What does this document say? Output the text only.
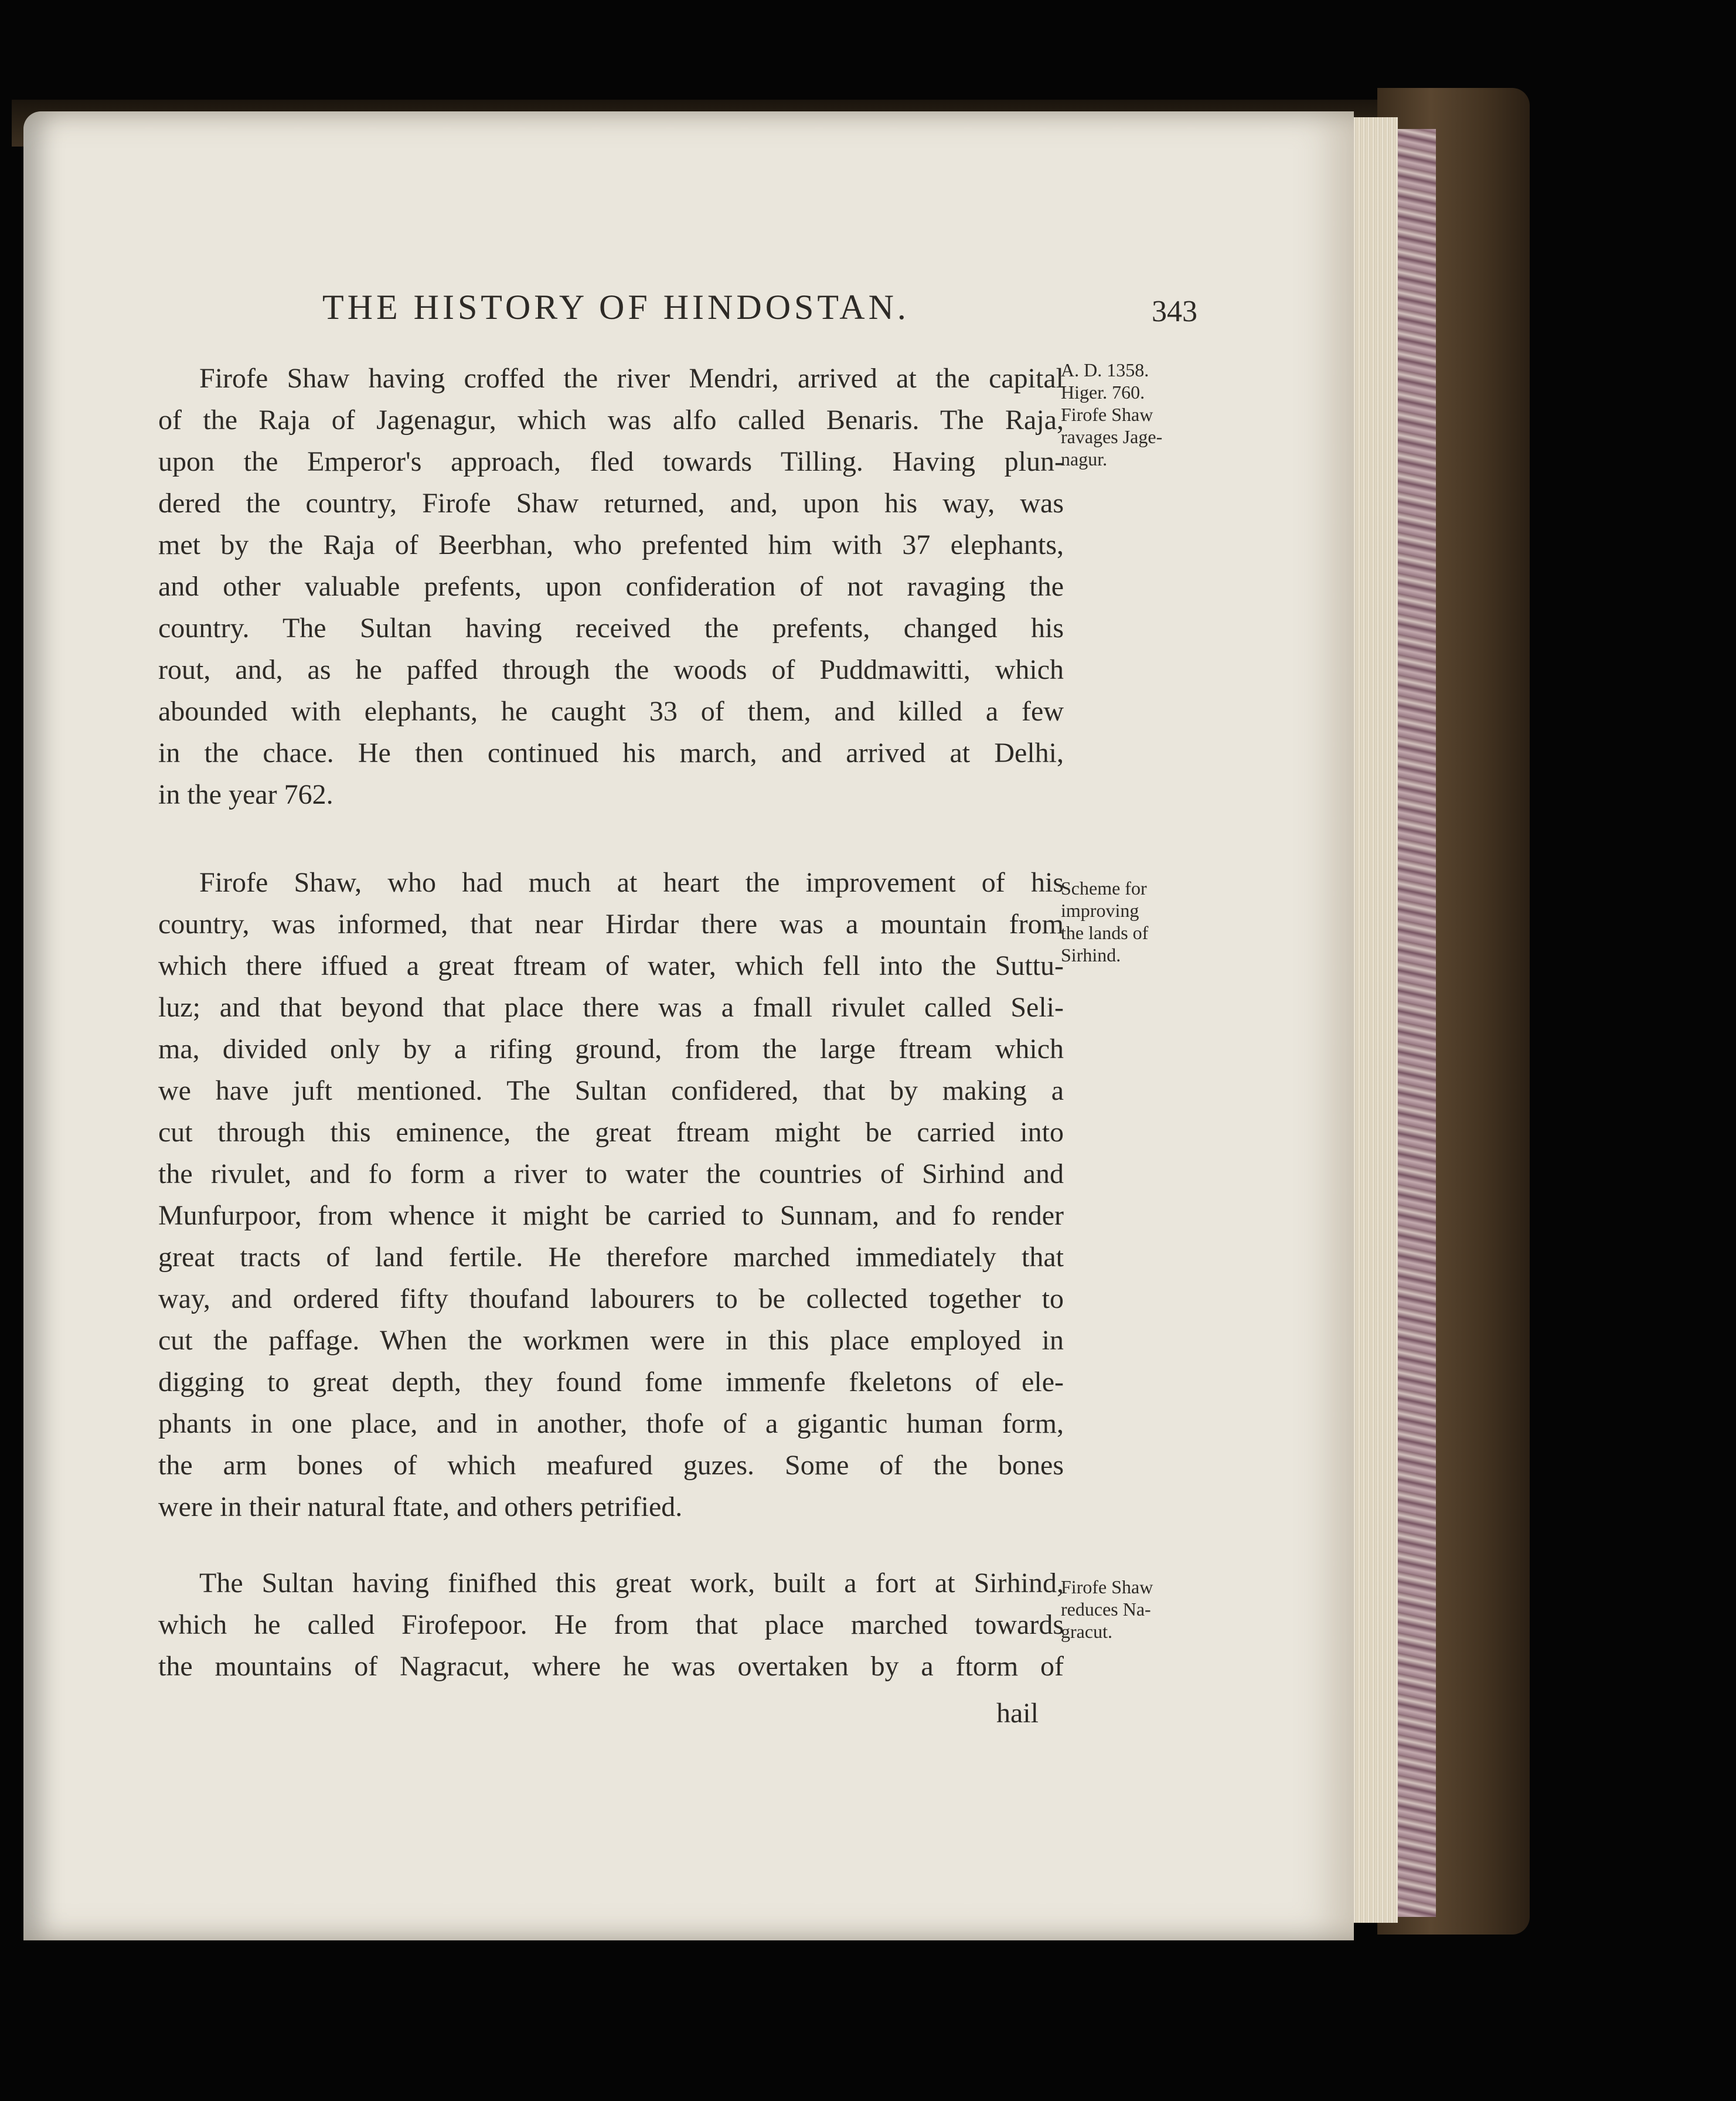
THE HISTORY OF HINDOSTAN.	343
Firofe Shaw having croffed the river Mendri, arrived at the capital
of the Raja of Jagenagur, which was alfo called Benaris. The Raja,
upon the Emperor's approach, fled towards Tilling. Having plun-
dered the country, Firofe Shaw returned, and, upon his way, was
met by the Raja of Beerbhan, who prefented him with 37 elephants,
and other valuable prefents, upon confideration of not ravaging the
country. The Sultan having received the prefents, changed his
rout, and, as he paffed through the woods of Puddmawitti, which
abounded with elephants, he caught 33 of them, and killed a few
in the chace. He then continued his march, and arrived at Delhi,
in the year 762.
Firofe Shaw, who had much at heart the improvement of his
country, was informed, that near Hirdar there was a mountain from
which there iffued a great ftream of water, which fell into the Suttu-
luz; and that beyond that place there was a fmall rivulet called Seli-
ma, divided only by a rifing ground, from the large ftream which
we have juft mentioned. The Sultan confidered, that by making a
cut through this eminence, the great ftream might be carried into
the rivulet, and fo form a river to water the countries of Sirhind and
Munfurpoor, from whence it might be carried to Sunnam, and fo render
great tracts of land fertile. He therefore marched immediately that
way, and ordered fifty thoufand labourers to be collected together to
cut the paffage. When the workmen were in this place employed in
digging to great depth, they found fome immenfe fkeletons of ele-
phants in one place, and in another, thofe of a gigantic human form,
the arm bones of which meafured guzes. Some of the bones
were in their natural ftate, and others petrified.
The Sultan having finifhed this great work, built a fort at Sirhind,
which he called Firofepoor. He from that place marched towards
the mountains of Nagracut, where he was overtaken by a ftorm of
hail
A. D. 1358.
Higer. 760.
Firofe Shaw
ravages Jage-
nagur.
Scheme for
improving
the lands of
Sirhind.
Firofe Shaw
reduces Na-
gracut.
